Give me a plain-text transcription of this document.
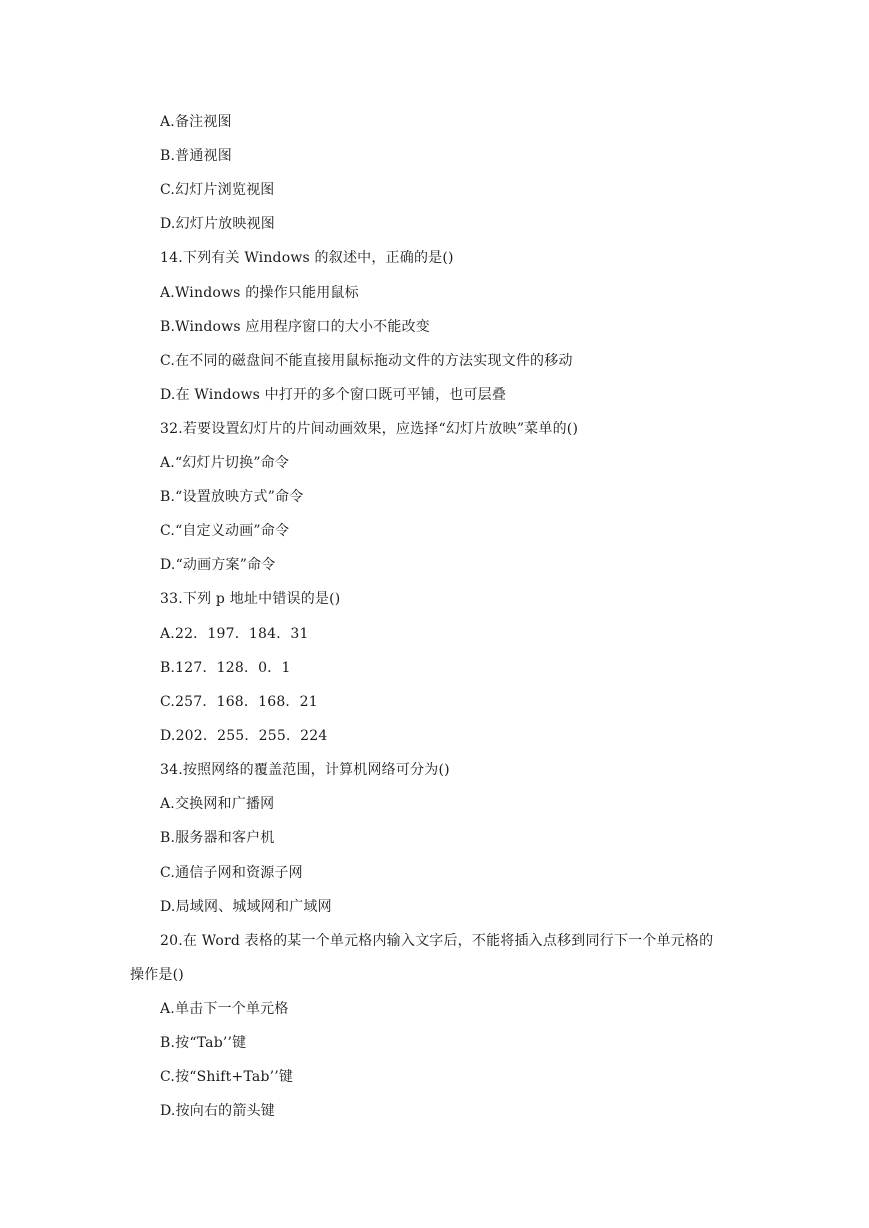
A.备注视图
B.普通视图
C.幻灯片浏览视图
D.幻灯片放映视图
14.下列有关 Windows 的叙述中，正确的是()
A.Windows 的操作只能用鼠标
B.Windows 应用程序窗口的大小不能改变
C.在不同的磁盘间不能直接用鼠标拖动文件的方法实现文件的移动
D.在 Windows 中打开的多个窗口既可平铺，也可层叠
32.若要设置幻灯片的片间动画效果，应选择“幻灯片放映”菜单的()
A.“幻灯片切换”命令
B.“设置放映方式”命令
C.“自定义动画”命令
D.“动画方案”命令
33.下列 p 地址中错误的是()
A.22．197．184．31
B.127．128．0．1
C.257．168．168．21
D.202．255．255．224
34.按照网络的覆盖范围，计算机网络可分为()
A.交换网和广播网
B.服务器和客户机
C.通信子网和资源子网
D.局域网、城域网和广域网
20.在 Word 表格的某一个单元格内输入文字后，不能将插入点移到同行下一个单元格的
操作是()
A.单击下一个单元格
B.按“Tab’’键
C.按“Shift+Tab’’键
D.按向右的箭头键
